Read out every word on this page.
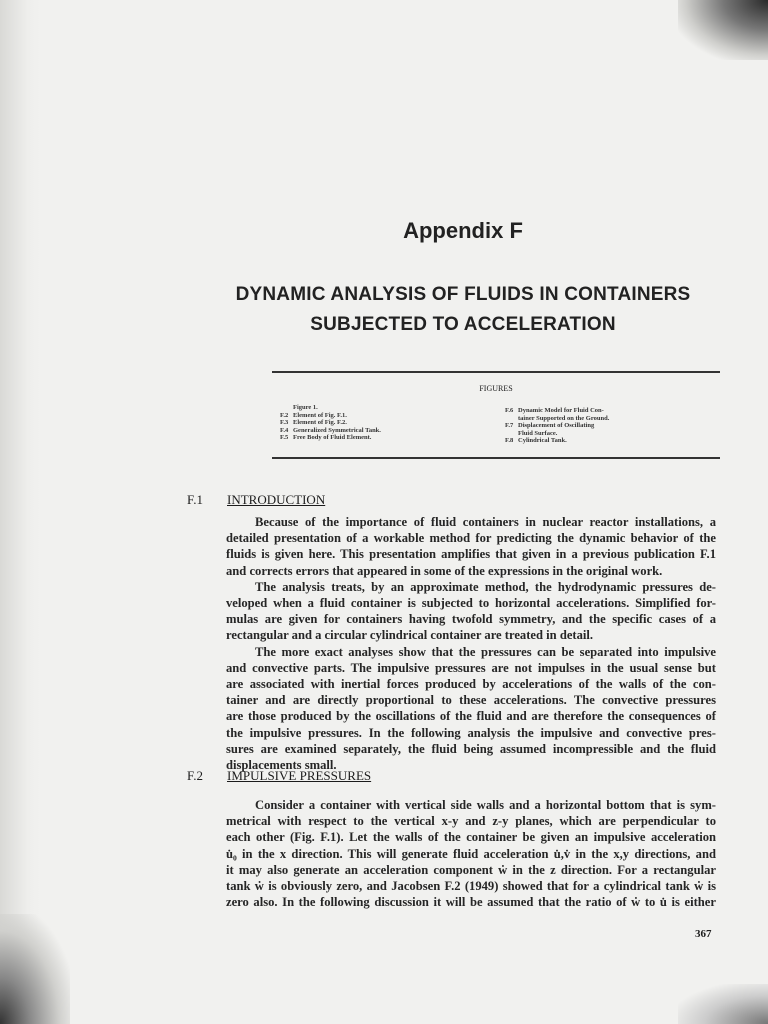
Appendix F
DYNAMIC ANALYSIS OF FLUIDS IN CONTAINERS
SUBJECTED TO ACCELERATION
FIGURES
Figure 1.
F.2 Element of Fig. F.1.
F.3 Element of Fig. F.2.
F.4 Generalized Symmetrical Tank.
F.5 Free Body of Fluid Element.
F.6 Dynamic Model for Fluid Con-
tainer Supported on the Ground.
F.7 Displacement of Oscillating
Fluid Surface.
F.8 Cylindrical Tank.
F.1 INTRODUCTION
Because of the importance of fluid containers in nuclear reactor installations, a
detailed presentation of a workable method for predicting the dynamic behavior of the
fluids is given here. This presentation amplifies that given in a previous publication F.1
and corrects errors that appeared in some of the expressions in the original work.
The analysis treats, by an approximate method, the hydrodynamic pressures de-
veloped when a fluid container is subjected to horizontal accelerations. Simplified for-
mulas are given for containers having twofold symmetry, and the specific cases of a
rectangular and a circular cylindrical container are treated in detail.
The more exact analyses show that the pressures can be separated into impulsive
and convective parts. The impulsive pressures are not impulses in the usual sense but
are associated with inertial forces produced by accelerations of the walls of the con-
tainer and are directly proportional to these accelerations. The convective pressures
are those produced by the oscillations of the fluid and are therefore the consequences of
the impulsive pressures. In the following analysis the impulsive and convective pres-
sures are examined separately, the fluid being assumed incompressible and the fluid
displacements small.
F.2 IMPULSIVE PRESSURES
Consider a container with vertical side walls and a horizontal bottom that is sym-
metrical with respect to the vertical x-y and z-y planes, which are perpendicular to
each other (Fig. F.1). Let the walls of the container be given an impulsive acceleration
u̇₀ in the x direction. This will generate fluid acceleration u̇,v̇ in the x,y directions, and
it may also generate an acceleration component ẇ in the z direction. For a rectangular
tank ẇ is obviously zero, and Jacobsen F.2 (1949) showed that for a cylindrical tank ẇ is
zero also. In the following discussion it will be assumed that the ratio of ẇ to u̇ is either
367
